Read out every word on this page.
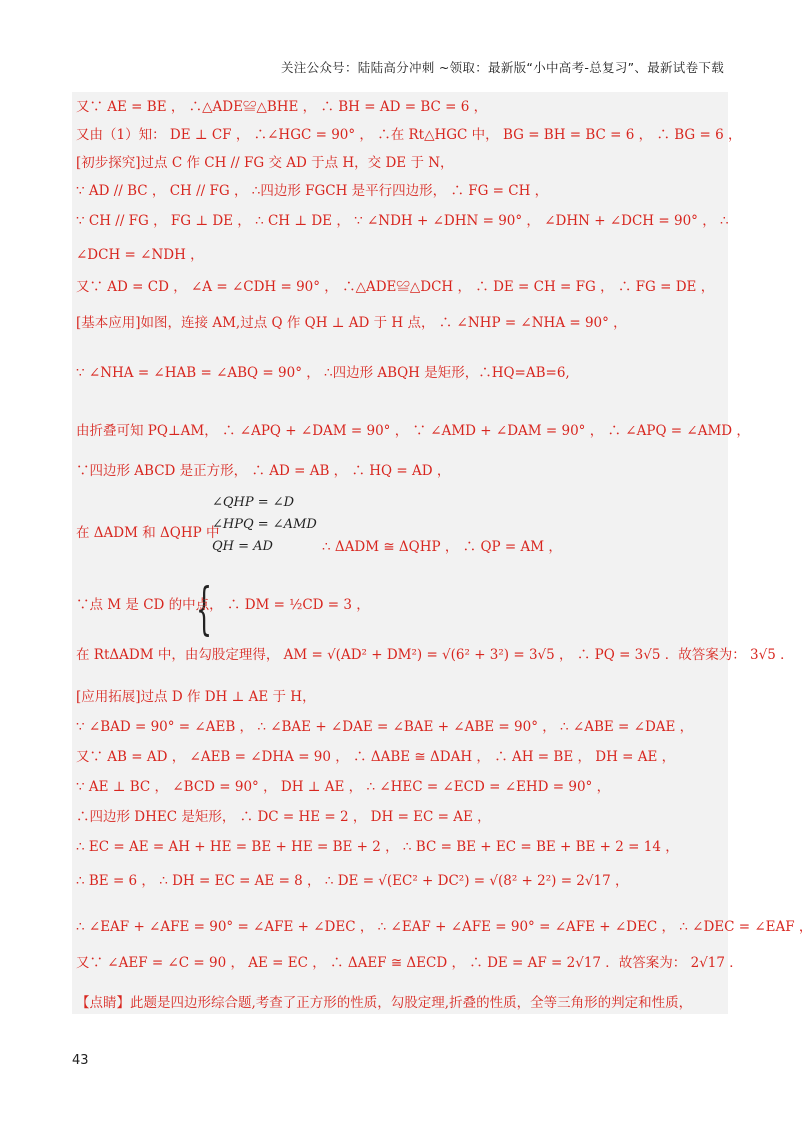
关注公众号：陆陆高分冲刺 ~领取：最新版“小中高考-总复习”、最新试卷下载
又∵ AE = BE ， ∴△ADE≌△BHE ， ∴ BH = AD = BC = 6 ，
又由（1）知： DE ⊥ CF ， ∴∠HGC = 90° ， ∴在 Rt△HGC 中， BG = BH = BC = 6 ， ∴ BG = 6 ，
[初步探究]过点 C 作 CH // FG 交 AD 于点 H，交 DE 于 N，
∵ AD // BC ， CH // FG ， ∴四边形 FGCH 是平行四边形， ∴ FG = CH ，
∵ CH // FG ， FG ⊥ DE ， ∴ CH ⊥ DE ， ∵ ∠NDH + ∠DHN = 90° ， ∠DHN + ∠DCH = 90° ， ∴
∠DCH = ∠NDH ，
又∵ AD = CD ， ∠A = ∠CDH = 90° ， ∴△ADE≌△DCH ， ∴ DE = CH = FG ， ∴ FG = DE ，
[基本应用]如图，连接 AM,过点 Q 作 QH ⊥ AD 于 H 点， ∴ ∠NHP = ∠NHA = 90° ，
∵ ∠NHA = ∠HAB = ∠ABQ = 90° ， ∴四边形 ABQH 是矩形，∴HQ=AB=6,
由折叠可知 PQ⊥AM， ∴ ∠APQ + ∠DAM = 90° ， ∵ ∠AMD + ∠DAM = 90° ， ∴ ∠APQ = ∠AMD ，
∵四边形 ABCD 是正方形， ∴ AD = AB ， ∴ HQ = AD ，
在 ΔADM 和 ΔQHP 中
{
∠QHP = ∠D
∠HPQ = ∠AMD
QH = AD	∴ ΔADM ≅ ΔQHP ， ∴ QP = AM ，
∵点 M 是 CD 的中点， ∴ DM = ½CD = 3 ，
在 RtΔADM 中，由勾股定理得， AM = √(AD² + DM²) = √(6² + 3²) = 3√5 ， ∴ PQ = 3√5 ．故答案为： 3√5 ．
[应用拓展]过点 D 作 DH ⊥ AE 于 H，
∵ ∠BAD = 90° = ∠AEB ， ∴ ∠BAE + ∠DAE = ∠BAE + ∠ABE = 90° ， ∴ ∠ABE = ∠DAE ，
又∵ AB = AD ， ∠AEB = ∠DHA = 90 ， ∴ ΔABE ≅ ΔDAH ， ∴ AH = BE ， DH = AE ，
∵ AE ⊥ BC ， ∠BCD = 90° ， DH ⊥ AE ， ∴ ∠HEC = ∠ECD = ∠EHD = 90° ，
∴四边形 DHEC 是矩形， ∴ DC = HE = 2 ， DH = EC = AE ，
∴ EC = AE = AH + HE = BE + HE = BE + 2 ， ∴ BC = BE + EC = BE + BE + 2 = 14 ，
∴ BE = 6 ， ∴ DH = EC = AE = 8 ， ∴ DE = √(EC² + DC²) = √(8² + 2²) = 2√17 ，
∴ ∠EAF + ∠AFE = 90° = ∠AFE + ∠DEC ， ∴ ∠EAF + ∠AFE = 90° = ∠AFE + ∠DEC ， ∴ ∠DEC = ∠EAF ，
又∵ ∠AEF = ∠C = 90 ， AE = EC ， ∴ ΔAEF ≅ ΔECD ， ∴ DE = AF = 2√17 ．故答案为： 2√17 ．
【点睛】此题是四边形综合题,考查了正方形的性质，勾股定理,折叠的性质，全等三角形的判定和性质，
43
